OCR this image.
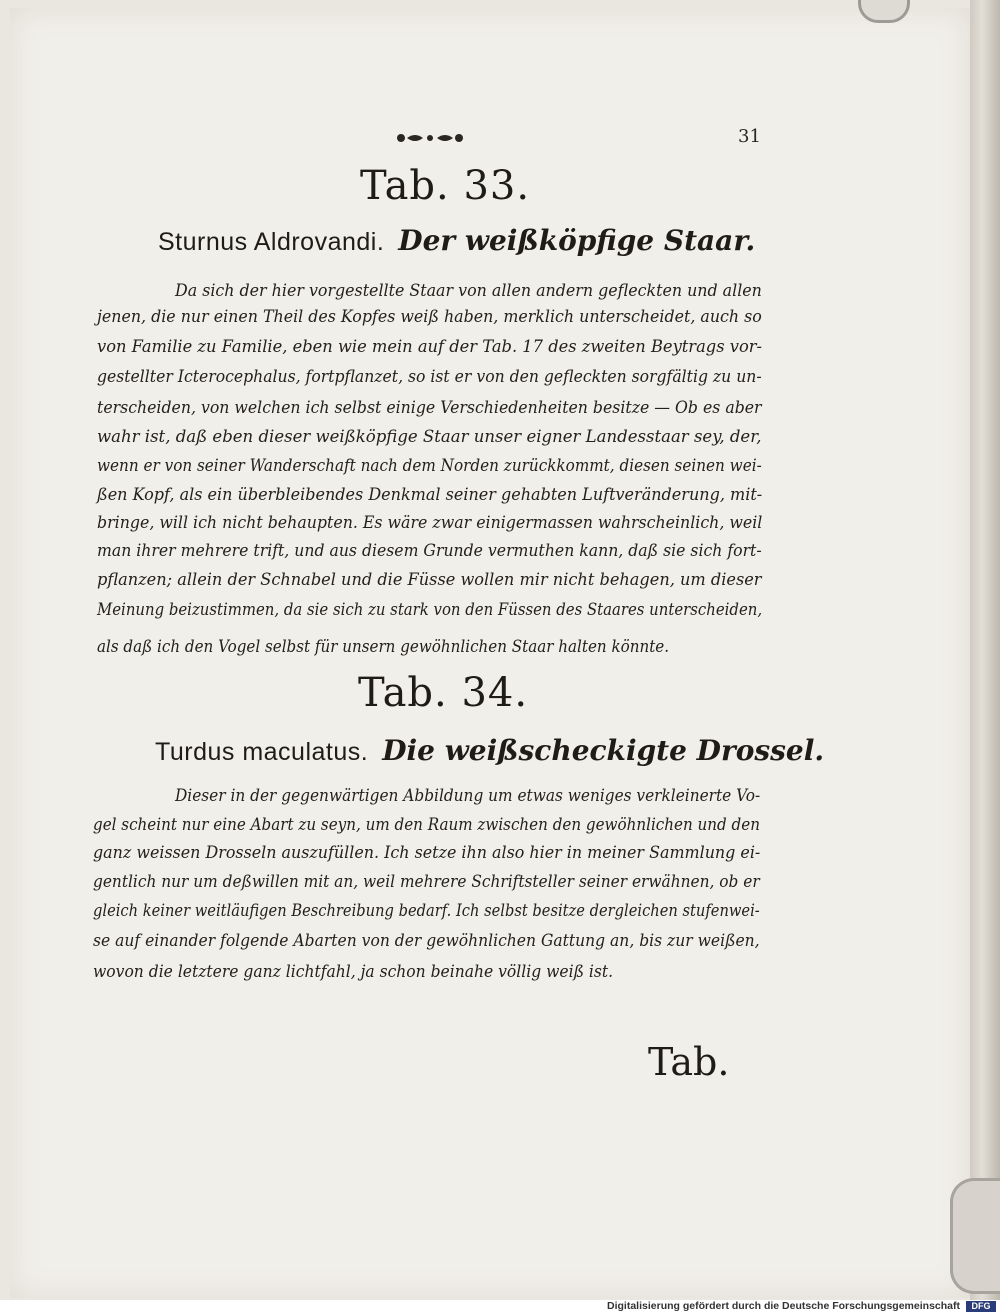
31
Tab. 33.
Sturnus Aldrovandi. Der weißköpfige Staar.
Da sich der hier vorgestellte Staar von allen andern gefleckten und allen
jenen, die nur einen Theil des Kopfes weiß haben, merklich unterscheidet, auch so
von Familie zu Familie, eben wie mein auf der Tab. 17 des zweiten Beytrags vor-
gestellter Icterocephalus, fortpflanzet, so ist er von den gefleckten sorgfältig zu un-
terscheiden, von welchen ich selbst einige Verschiedenheiten besitze — Ob es aber
wahr ist, daß eben dieser weißköpfige Staar unser eigner Landesstaar sey, der,
wenn er von seiner Wanderschaft nach dem Norden zurückkommt, diesen seinen wei-
ßen Kopf, als ein überbleibendes Denkmal seiner gehabten Luftveränderung, mit-
bringe, will ich nicht behaupten. Es wäre zwar einigermassen wahrscheinlich, weil
man ihrer mehrere trift, und aus diesem Grunde vermuthen kann, daß sie sich fort-
pflanzen; allein der Schnabel und die Füsse wollen mir nicht behagen, um dieser
Meinung beizustimmen, da sie sich zu stark von den Füssen des Staares unterscheiden,
als daß ich den Vogel selbst für unsern gewöhnlichen Staar halten könnte.
Tab. 34.
Turdus maculatus. Die weißscheckigte Drossel.
Dieser in der gegenwärtigen Abbildung um etwas weniges verkleinerte Vo-
gel scheint nur eine Abart zu seyn, um den Raum zwischen den gewöhnlichen und den
ganz weissen Drosseln auszufüllen. Ich setze ihn also hier in meiner Sammlung ei-
gentlich nur um deßwillen mit an, weil mehrere Schriftsteller seiner erwähnen, ob er
gleich keiner weitläufigen Beschreibung bedarf. Ich selbst besitze dergleichen stufenwei-
se auf einander folgende Abarten von der gewöhnlichen Gattung an, bis zur weißen,
wovon die letztere ganz lichtfahl, ja schon beinahe völlig weiß ist.
Tab.
Digitalisierung gefördert durch die Deutsche Forschungsgemeinschaft	DFG
